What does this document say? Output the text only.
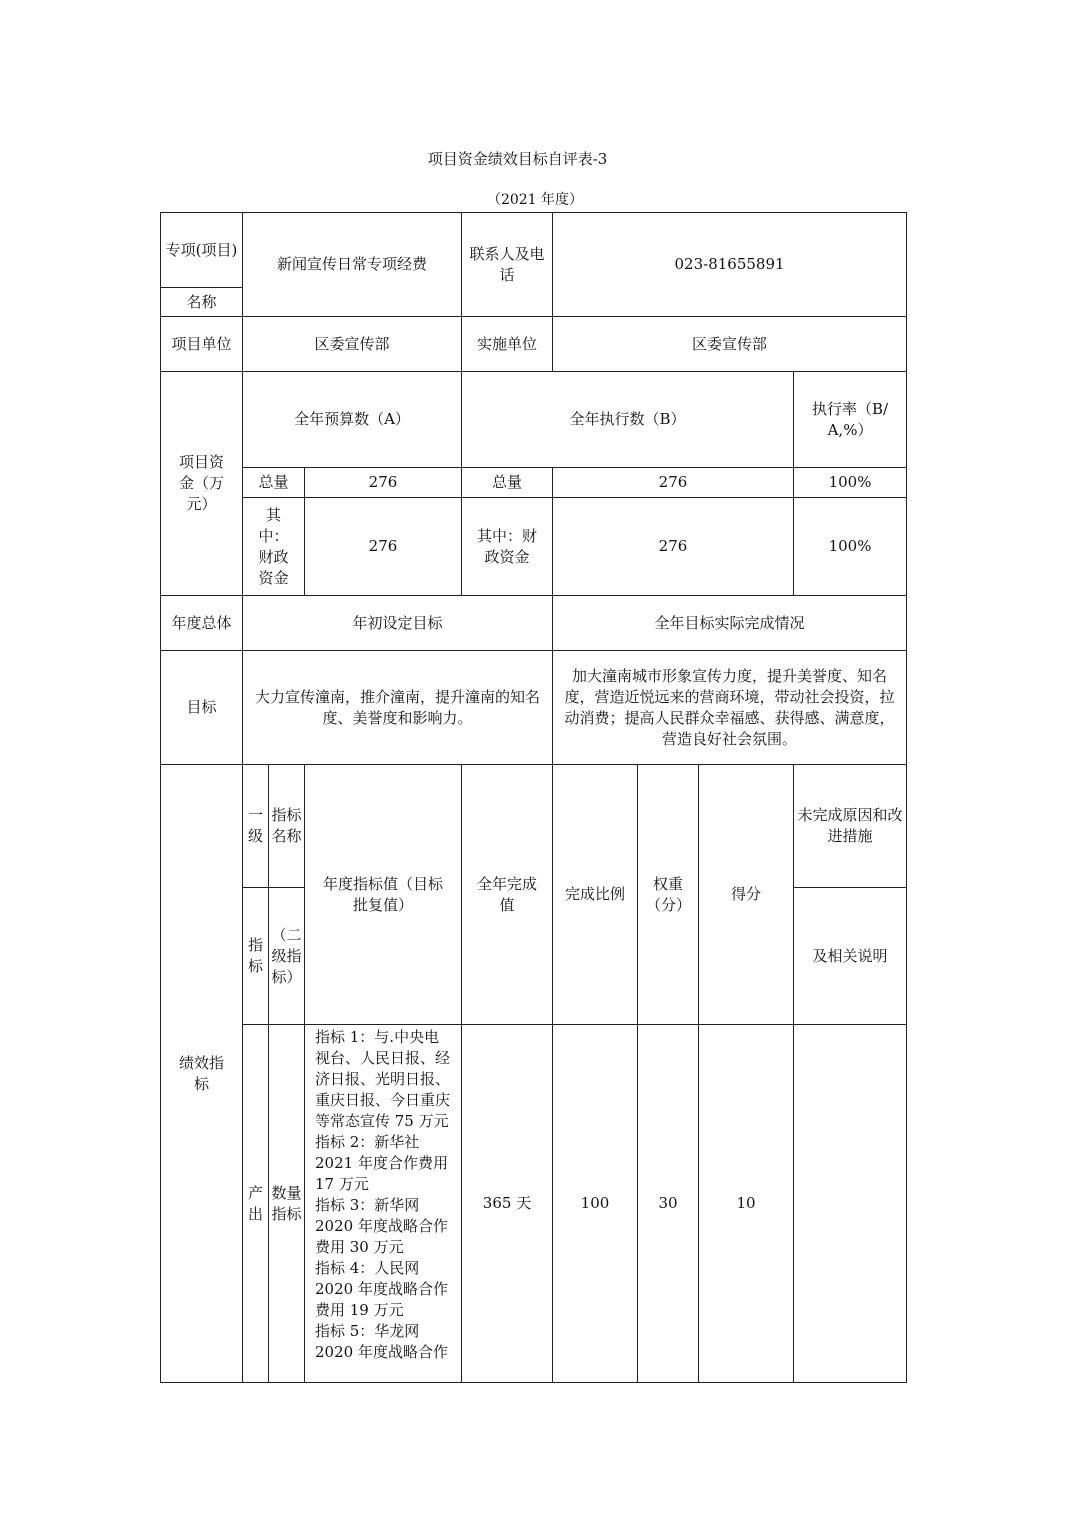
项目资金绩效目标自评表-3
（2021 年度）
专项(项目)	新闻宣传日常专项经费			联系人及电话	023-81655891			
名称								
项目单位	区委宣传部			实施单位	区委宣传部			
项目资金（万元）	全年预算数（A）			全年执行数（B）				执行率（B/A,%）
	总量		276	总量	276			100%
	其中：财政资金		276	其中：财政资金	276			100%
年度总体	年初设定目标				全年目标实际完成情况			
目标	大力宣传潼南，推介潼南，提升潼南的知名度、美誉度和影响力。				加大潼南城市形象宣传力度，提升美誉度、知名度，营造近悦远来的营商环境，带动社会投资，拉动消费；提高人民群众幸福感、获得感、满意度，营造良好社会氛围。			
绩效指标	一级	指标名称	年度指标值（目标批复值）	全年完成值	完成比例	权重（分）	得分	未完成原因和改进措施
	指标	（二级指标）						及相关说明
	产出	数量指标	指标 1：与.中央电视台、人民日报、经济日报、光明日报、重庆日报、今日重庆等常态宣传 75 万元
指标 2：新华社 2021 年度合作费用 17 万元
指标 3：新华网 2020 年度战略合作费用 30 万元
指标 4：人民网 2020 年度战略合作费用 19 万元
指标 5：华龙网 2020 年度战略合作	365 天	100	30	10	
